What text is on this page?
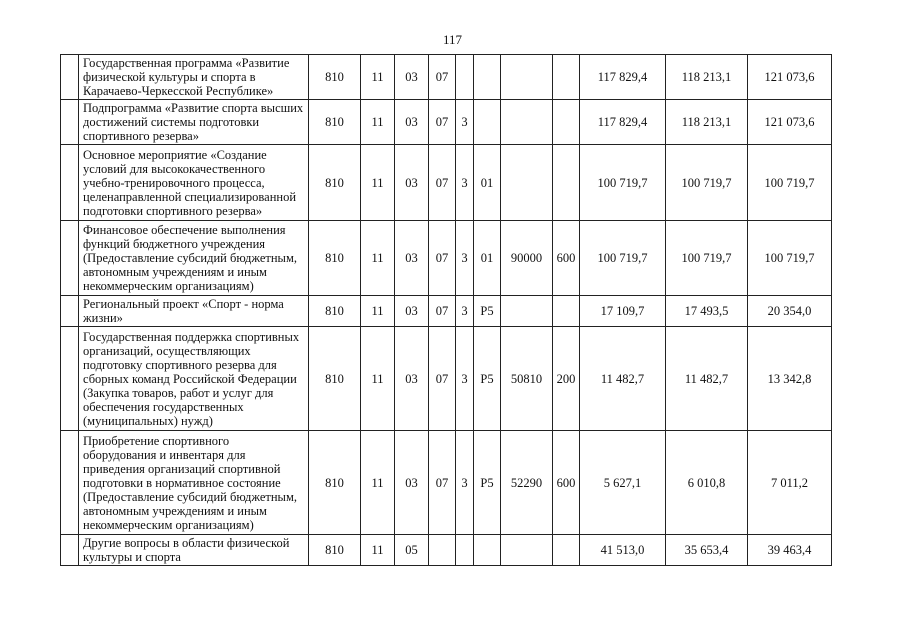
117
	Государственная программа «Развитие физической культуры и спорта в Карачаево-Черкесской Республике»	810	11	03	07					117 829,4	118 213,1	121 073,6
	Подпрограмма «Развитие спорта высших достижений системы подготовки спортивного резерва»	810	11	03	07	3				117 829,4	118 213,1	121 073,6
	Основное мероприятие «Создание условий для высококачественного учебно-тренировочного процесса, целенаправленной специализированной подготовки спортивного резерва»	810	11	03	07	3	01			100 719,7	100 719,7	100 719,7
	Финансовое обеспечение выполнения функций бюджетного учреждения (Предоставление субсидий бюджетным, автономным учреждениям и иным некоммерческим организациям)	810	11	03	07	3	01	90000	600	100 719,7	100 719,7	100 719,7
	Региональный проект «Спорт - норма жизни»	810	11	03	07	3	P5			17 109,7	17 493,5	20 354,0
	Государственная поддержка спортивных организаций, осуществляющих подготовку спортивного резерва для сборных команд Российской Федерации (Закупка товаров, работ и услуг для обеспечения государственных (муниципальных) нужд)	810	11	03	07	3	P5	50810	200	11 482,7	11 482,7	13 342,8
	Приобретение спортивного оборудования и инвентаря для приведения организаций спортивной подготовки в нормативное состояние (Предоставление субсидий бюджетным, автономным учреждениям и иным некоммерческим организациям)	810	11	03	07	3	P5	52290	600	5 627,1	6 010,8	7 011,2
	Другие вопросы в области физической культуры и спорта	810	11	05						41 513,0	35 653,4	39 463,4
